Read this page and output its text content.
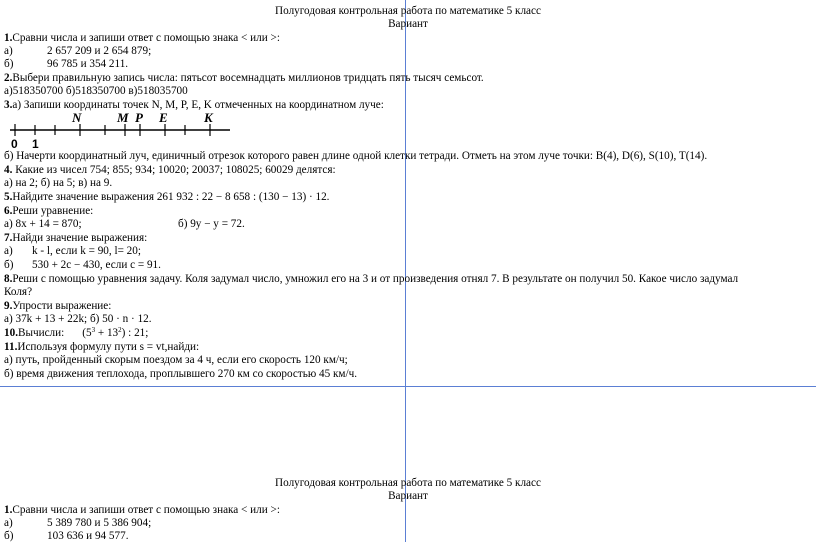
Полугодовая контрольная работа по математике 5 класс
Вариант
1.Сравни числа и запиши ответ с помощью знака < или >:
а)	2 657 209 и 2 654 879;
б)	96 785 и 354 211.
2.Выбери правильную запись числа: пятьсот восемнадцать миллионов тридцать пять тысяч семьсот.
а)518350700 б)518350700 в)518035700
3.а) Запиши координаты точек N, M, P, E, K отмеченных на координатном луче:
N	M P E	K
0 1
б) Начерти координатный луч, единичный отрезок которого равен длине одной клетки тетради. Отметь на этом луче точки: B(4), D(6), S(10), T(14).
4. Какие из чисел 754; 855; 934; 10020; 20037; 108025; 60029 делятся:
а) на 2; б) на 5; в) на 9.
5.Найдите значение выражения 261 932 : 22 − 8 658 : (130 − 13) · 12.
6.Реши уравнение:
а) 8х + 14 = 870;	б) 9у − у = 72.
7.Найди значение выражения:
а) k - l, если k = 90, l= 20;
б) 530 + 2с − 430, если с = 91.
8.Реши с помощью уравнения задачу. Коля задумал число, умножил его на 3 и от произведения отнял 7. В результате он получил 50. Какое число задумал
Коля?
9.Упрости выражение:
а) 37k + 13 + 22k; б) 50 · n · 12.
10.Вычисли: $(5^3 + 13^2)$ : 21;
11.Используя формулу пути s = vt,найди:
а) путь, пройденный скорым поездом за 4 ч, если его скорость 120 км/ч;
б) время движения теплохода, проплывшего 270 км со скоростью 45 км/ч.
Полугодовая контрольная работа по математике 5 класс
Вариант
1.Сравни числа и запиши ответ с помощью знака < или >:
а)	5 389 780 и 5 386 904;
б)	103 636 и 94 577.
